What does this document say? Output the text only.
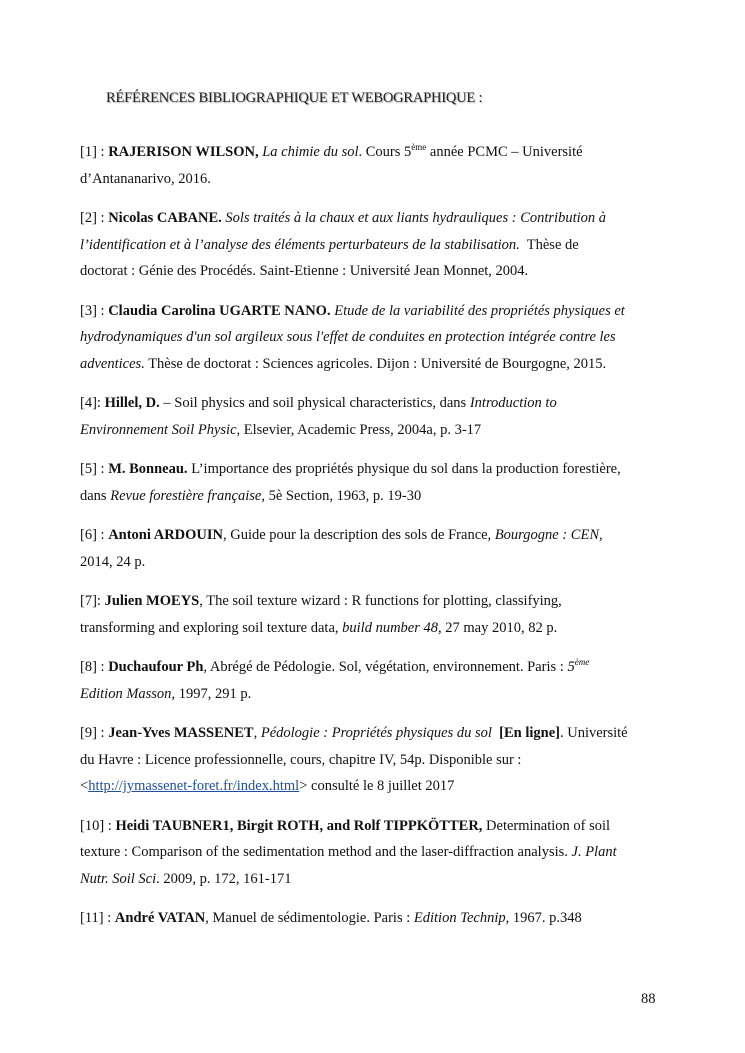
RÉFÉRENCES BIBLIOGRAPHIQUE ET WEBOGRAPHIQUE :
[1] : RAJERISON WILSON, La chimie du sol. Cours 5ème année PCMC – Université
d’Antananarivo, 2016.
[2] : Nicolas CABANE. Sols traités à la chaux et aux liants hydrauliques : Contribution à
l’identification et à l’analyse des éléments perturbateurs de la stabilisation.  Thèse de
doctorat : Génie des Procédés. Saint-Etienne : Université Jean Monnet, 2004.
[3] : Claudia Carolina UGARTE NANO. Etude de la variabilité des propriétés physiques et
hydrodynamiques d'un sol argileux sous l'effet de conduites en protection intégrée contre les
adventices. Thèse de doctorat : Sciences agricoles. Dijon : Université de Bourgogne, 2015.
[4]: Hillel, D. – Soil physics and soil physical characteristics, dans Introduction to
Environnement Soil Physic, Elsevier, Academic Press, 2004a, p. 3-17
[5] : M. Bonneau. L’importance des propriétés physique du sol dans la production forestière,
dans Revue forestière française, 5è Section, 1963, p. 19-30
[6] : Antoni ARDOUIN, Guide pour la description des sols de France, Bourgogne : CEN,
2014, 24 p.
[7]: Julien MOEYS, The soil texture wizard : R functions for plotting, classifying,
transforming and exploring soil texture data, build number 48, 27 may 2010, 82 p.
[8] : Duchaufour Ph, Abrégé de Pédologie. Sol, végétation, environnement. Paris : 5ème
Edition Masson, 1997, 291 p.
[9] : Jean-Yves MASSENET, Pédologie : Propriétés physiques du sol [En ligne]. Université
du Havre : Licence professionnelle, cours, chapitre IV, 54p. Disponible sur :
<http://jymassenet-foret.fr/index.html> consulté le 8 juillet 2017
[10] : Heidi TAUBNER1, Birgit ROTH, and Rolf TIPPKÖTTER, Determination of soil
texture : Comparison of the sedimentation method and the laser-diffraction analysis. J. Plant
Nutr. Soil Sci. 2009, p. 172, 161-171
[11] : André VATAN, Manuel de sédimentologie. Paris : Edition Technip, 1967. p.348
88
